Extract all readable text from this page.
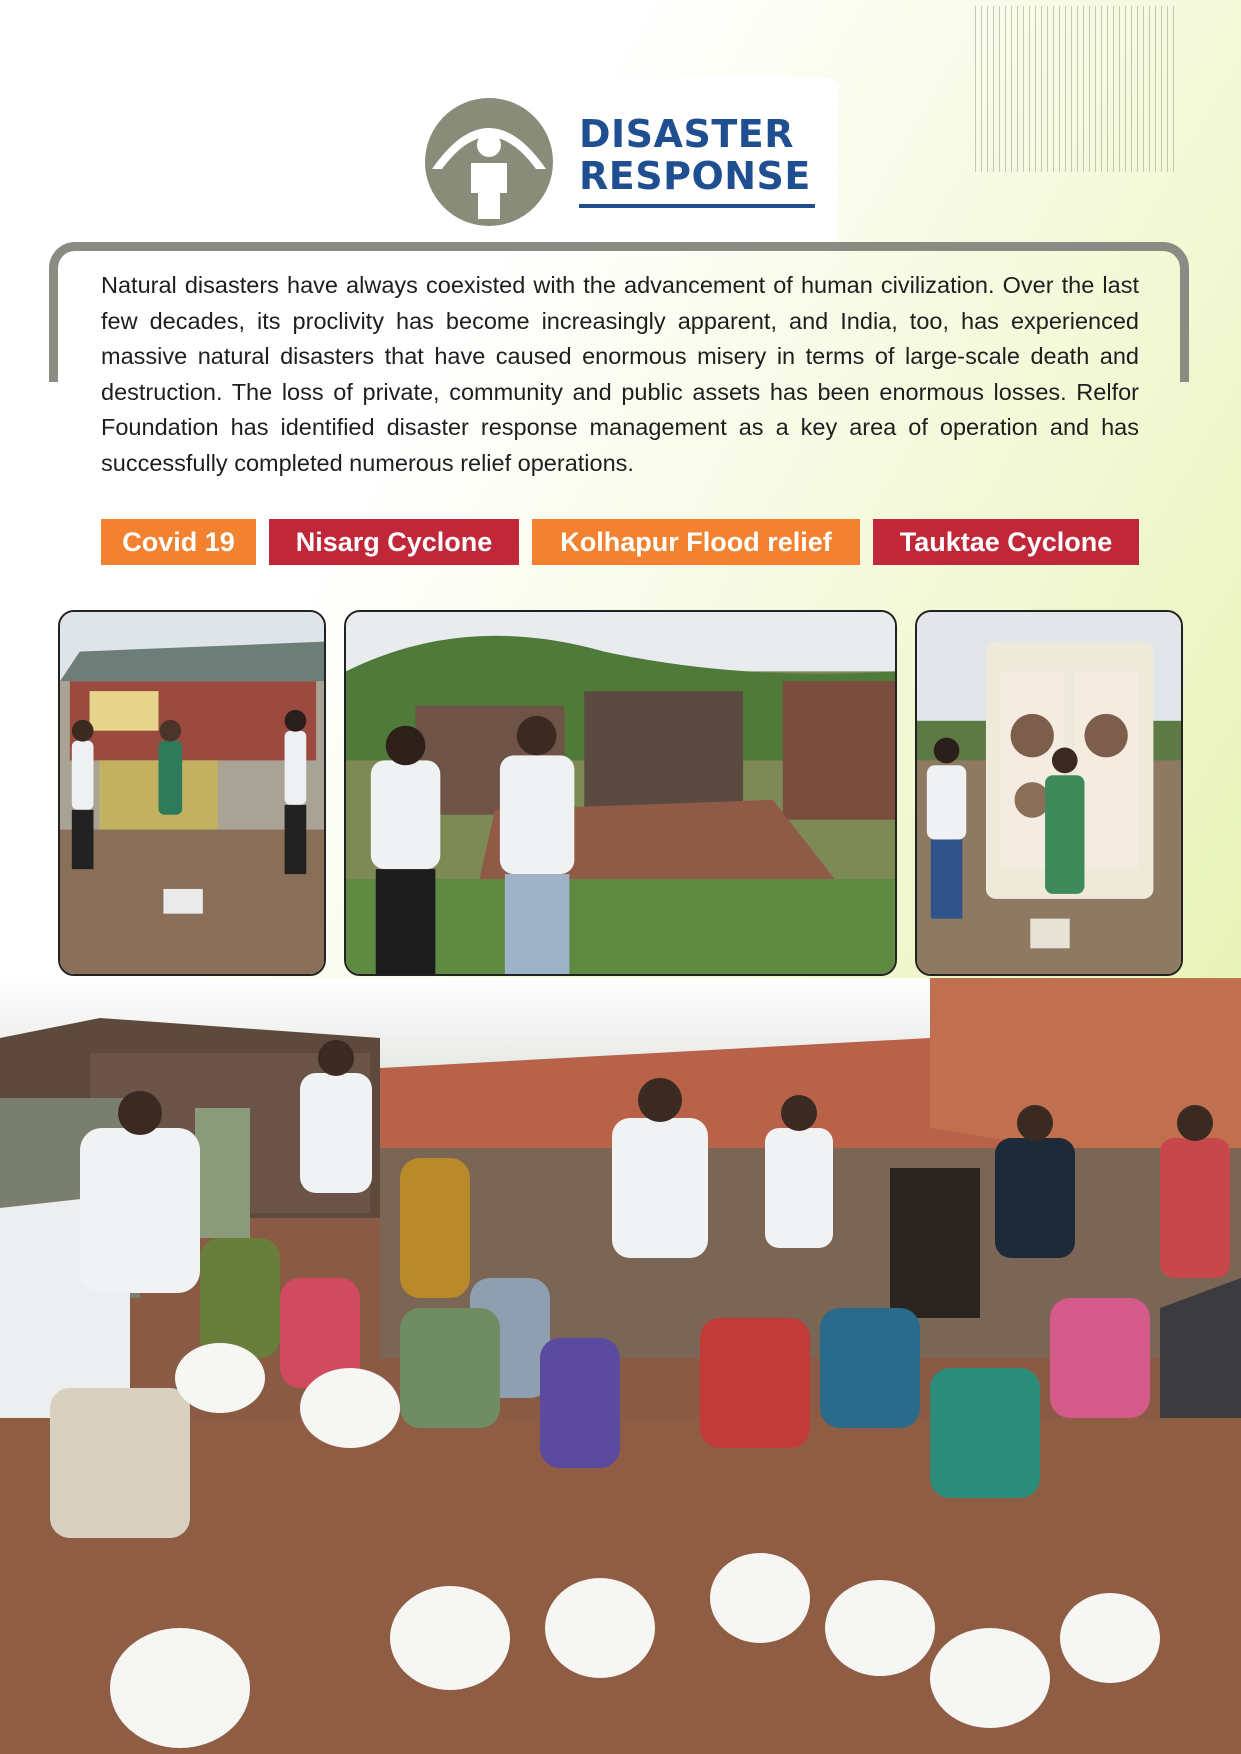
DISASTER
RESPONSE

Natural disasters have always coexisted with the advancement of human civilization. Over the last few decades, its proclivity has become increasingly apparent, and India, too, has experienced massive natural disasters that have caused enormous misery in terms of large-scale death and destruction. The loss of private, community and public assets has been enormous losses. Relfor Foundation has identified disaster response management as a key area of operation and has successfully completed numerous relief operations.

Covid 19	Nisarg Cyclone	Kolhapur Flood relief	Tauktae Cyclone
